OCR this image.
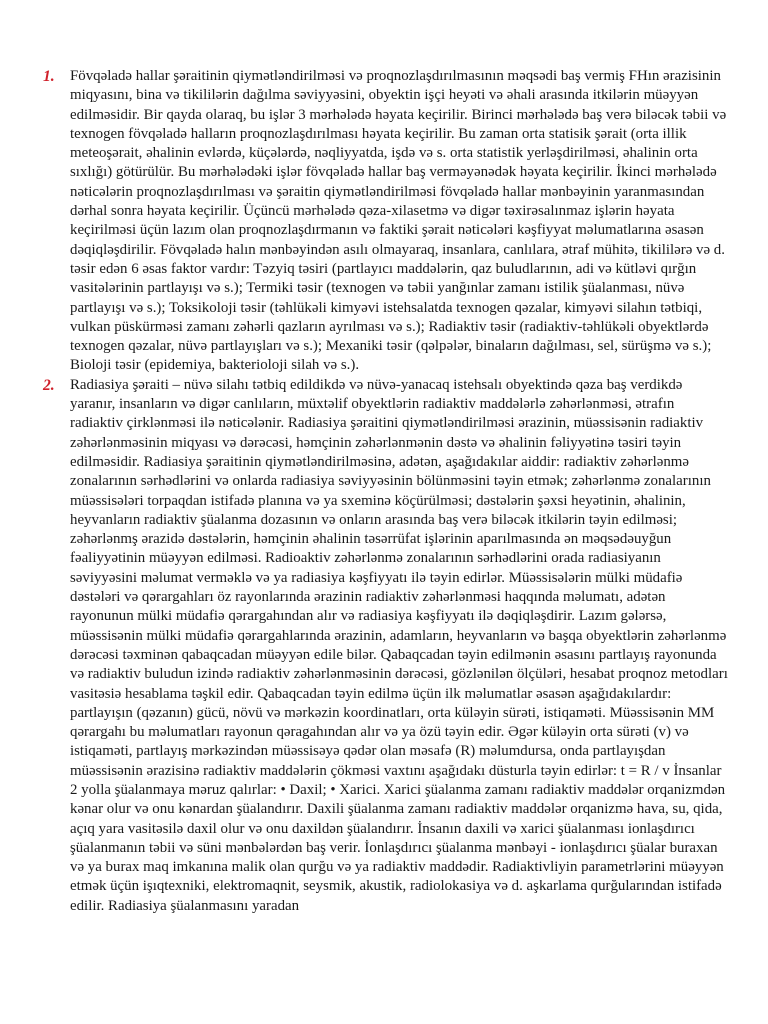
1. Fövqəladə hallar şəraitinin qiymətləndirilməsi və proqnozlaşdırılmasının məqsədi baş vermiş FHın ərazisinin miqyasını, bina və tikililərin dağılma səviyyəsini, obyektin işçi heyəti və əhali arasında itkilərin müəyyən edilməsidir. Bir qayda olaraq, bu işlər 3 mərhələdə həyata keçirilir. Birinci mərhələdə baş verə biləcək təbii və texnogen fövqəladə halların proqnozlaşdırılması həyata keçirilir. Bu zaman orta statisik şərait (orta illik meteoşərait, əhalinin evlərdə, küçələrdə, nəqliyyatda, işdə və s. orta statistik yerləşdirilməsi, əhalinin orta sıxlığı) götürülür. Bu mərhələdəki işlər fövqəladə hallar baş verməyənədək həyata keçirilir. İkinci mərhələdə nəticələrin proqnozlaşdırılması və şəraitin qiymətləndirilməsi fövqəladə hallar mənbəyinin yaranmasından dərhal sonra həyata keçirilir. Üçüncü mərhələdə qəza-xilasetmə və digər təxirəsalınmaz işlərin həyata keçirilməsi üçün lazım olan proqnozlaşdırmanın və faktiki şərait nəticələri kəşfiyyat məlumatlarına əsasən dəqiqləşdirilir. Fövqəladə halın mənbəyindən asılı olmayaraq, insanlara, canlılara, ətraf mühitə, tikililərə və d. təsir edən 6 əsas faktor vardır: Təzyiq təsiri (partlayıcı maddələrin, qaz buludlarının, adi və kütləvi qırğın vasitələrinin partlayışı və s.); Termiki təsir (texnogen və təbii yanğınlar zamanı istilik şüalanması, nüvə partlayışı və s.); Toksikoloji təsir (təhlükəli kimyəvi istehsalatda texnogen qəzalar, kimyəvi silahın tətbiqi, vulkan püskürməsi zamanı zəhərli qazların ayrılması və s.); Radiaktiv təsir (radiaktiv-təhlükəli obyektlərdə texnogen qəzalar, nüvə partlayışları və s.); Mexaniki təsir (qəlpələr, binaların dağılması, sel, sürüşmə və s.); Bioloji təsir (epidemiya, bakterioloji silah və s.).

2. Radiasiya şəraiti – nüvə silahı tətbiq edildikdə və nüvə-yanacaq istehsalı obyektində qəza baş verdikdə yaranır, insanların və digər canlıların, müxtəlif obyektlərin radiaktiv maddələrlə zəhərlənməsi, ətrafın radiaktiv çirklənməsi ilə nəticələnir. Radiasiya şəraitini qiymətləndirilməsi ərazinin, müəssisənin radiaktiv zəhərlənməsinin miqyası və dərəcəsi, həmçinin zəhərlənmənin dəstə və əhalinin fəliyyətinə təsiri təyin edilməsidir. Radiasiya şəraitinin qiymətləndirilməsinə, adətən, aşağıdakılar aiddir: radiaktiv zəhərlənmə zonalarının sərhədlərini və onlarda radiasiya səviyyəsinin bölünməsini təyin etmək; zəhərlənmə zonalarının müəssisələri torpaqdan istifadə planına və ya sxeminə köçürülməsi; dəstələrin şəxsi heyətinin, əhalinin, heyvanların radiaktiv şüalanma dozasının və onların arasında baş verə biləcək itkilərin təyin edilməsi; zəhərlənmş ərazidə dəstələrin, həmçinin əhalinin təsərrüfat işlərinin aparılmasında ən məqsədəuyğun fəaliyyətinin müəyyən edilməsi. Radioaktiv zəhərlənmə zonalarının sərhədlərini orada radiasiyanın səviyyəsini məlumat verməklə və ya radiasiya kəşfiyyatı ilə təyin edirlər. Müəssisələrin mülki müdafiə dəstələri və qərargahları öz rayonlarında ərazinin radiaktiv zəhərlənməsi haqqında məlumatı, adətən rayonunun mülki müdafiə qərargahından alır və radiasiya kəşfiyyatı ilə dəqiqləşdirir. Lazım gələrsə, müəssisənin mülki müdafiə qərargahlarında ərazinin, adamların, heyvanların və başqa obyektlərin zəhərlənmə dərəcəsi təxminən qabaqcadan müəyyən edile bilər. Qabaqcadan təyin edilmənin əsasını partlayış rayonunda və radiaktiv buludun izində radiaktiv zəhərlənməsinin dərəcəsi, gözlənilən ölçüləri, hesabat proqnoz metodları vasitəsiə hesablama təşkil edir. Qabaqcadan təyin edilmə üçün ilk məlumatlar əsasən aşağıdakılardır: partlayışın (qəzanın) gücü, növü və mərkəzin koordinatları, orta küləyin sürəti, istiqaməti. Müəssisənin MM qərargahı bu məlumatları rayonun qəragahından alır və ya özü təyin edir. Əgər küləyin orta sürəti (v) və istiqaməti, partlayış mərkəzindən müəssisəyə qədər olan məsafə (R) məlumdursa, onda partlayışdan müəssisənin ərazisinə radiaktiv maddələrin çökməsi vaxtını aşağıdakı düsturla təyin edirlər: t = R / v İnsanlar 2 yolla şüalanmaya məruz qalırlar: • Daxil; • Xarici. Xarici şüalanma zamanı radiaktiv maddələr orqanizmdən kənar olur və onu kənardan şüalandırır. Daxili şüalanma zamanı radiaktiv maddələr orqanizmə hava, su, qida, açıq yara vasitəsilə daxil olur və onu daxildən şüalandırır. İnsanın daxili və xarici şüalanması ionlaşdırıcı şüalanmanın təbii və süni mənbələrdən baş verir. İonlaşdırıcı şüalanma mənbəyi - ionlaşdırıcı şüalar buraxan və ya burax maq imkanına malik olan qurğu və ya radiaktiv maddədir. Radiaktivliyin parametrlərini müəyyən etmək üçün işıqtexniki, elektromaqnit, seysmik, akustik, radiolokasiya və d. aşkarlama qurğularından istifadə edilir. Radiasiya şüalanmasını yaradan
